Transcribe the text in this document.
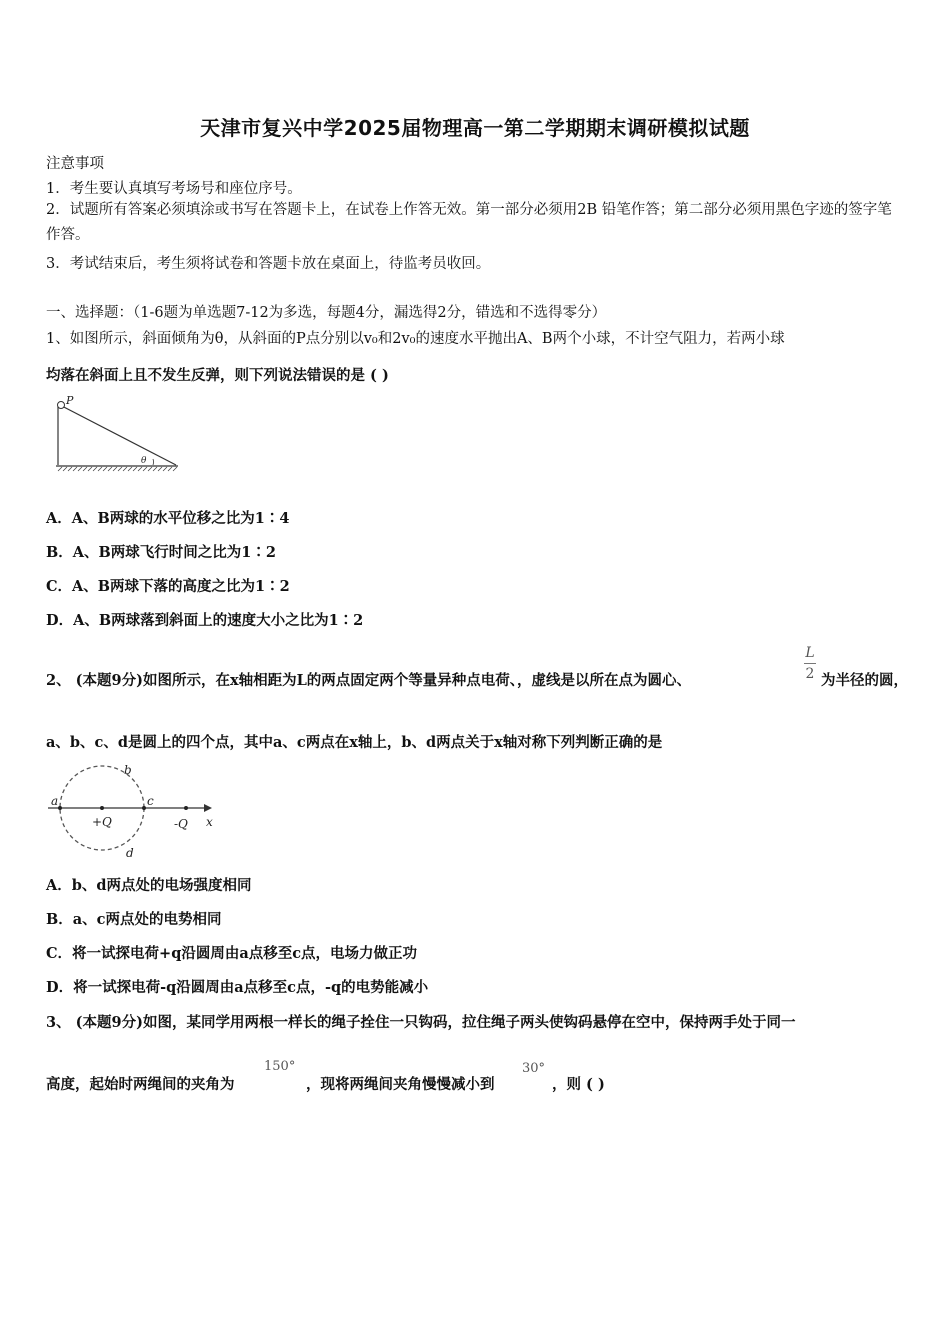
天津市复兴中学2025届物理高一第二学期期末调研模拟试题
注意事项
1．考生要认真填写考场号和座位序号。
2．试题所有答案必须填涂或书写在答题卡上，在试卷上作答无效。第一部分必须用2B 铅笔作答；第二部分必须用黑色字迹的签字笔作答。
3．考试结束后，考生须将试卷和答题卡放在桌面上，待监考员收回。
一、选择题：（1-6题为单选题7-12为多选，每题4分，漏选得2分，错选和不选得零分）
1、如图所示，斜面倾角为θ，从斜面的P点分别以v₀和2v₀的速度水平抛出A、B两个小球，不计空气阻力，若两小球
均落在斜面上且不发生反弹，则下列说法错误的是 ( )
P
θ
A．A、B两球的水平位移之比为1∶4
B．A、B两球飞行时间之比为1∶2
C．A、B两球下落的高度之比为1∶2
D．A、B两球落到斜面上的速度大小之比为1∶2
2、 (本题9分)如图所示，在x轴相距为L的两点固定两个等量异种点电荷、，虚线是以所在点为圆心、
L
2 为半径的圆，
a、b、c、d是圆上的四个点，其中a、c两点在x轴上，b、d两点关于x轴对称下列判断正确的是
a
b
c
d
+Q	-Q x
A．b、d两点处的电场强度相同
B．a、c两点处的电势相同
C．将一试探电荷+q沿圆周由a点移至c点，电场力做正功
D．将一试探电荷-q沿圆周由a点移至c点，-q的电势能减小
3、 (本题9分)如图，某同学用两根一样长的绳子拴住一只钩码，拉住绳子两头使钩码悬停在空中，保持两手处于同一
高度，起始时两绳间的夹角为
150°
，现将两绳间夹角慢慢减小到
30°
，则 ( )
